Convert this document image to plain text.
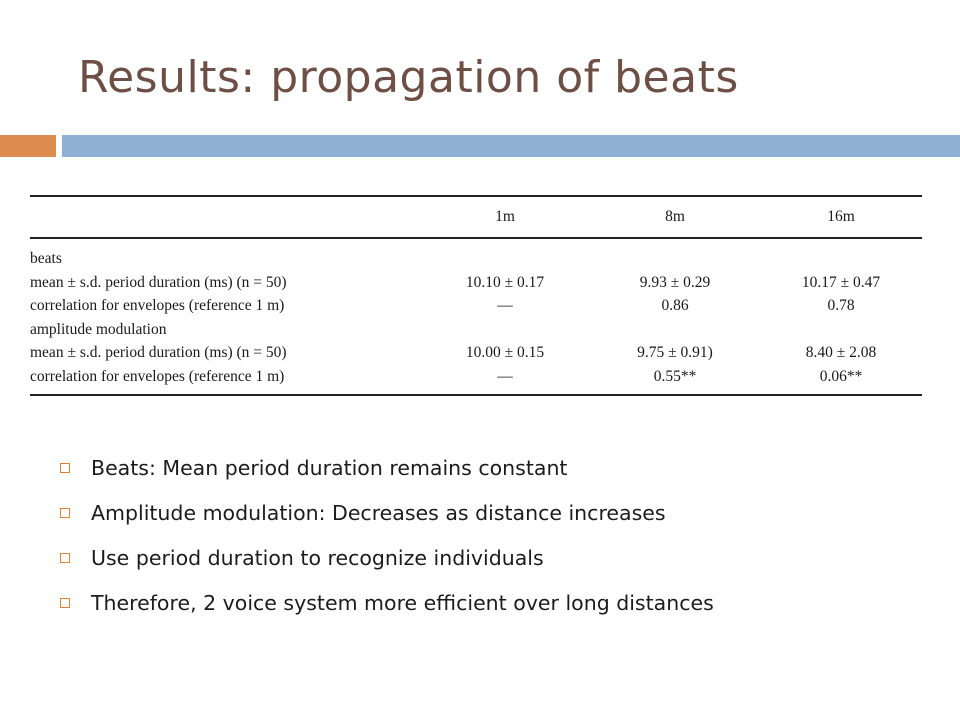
Results: propagation of beats
	1m	8m	16m
beats			
mean ± s.d. period duration (ms) (n = 50)	10.10 ± 0.17	9.93 ± 0.29	10.17 ± 0.47
correlation for envelopes (reference 1 m)	—	0.86	0.78
amplitude modulation			
mean ± s.d. period duration (ms) (n = 50)	10.00 ± 0.15	9.75 ± 0.91)	8.40 ± 2.08
correlation for envelopes (reference 1 m)	—	0.55**	0.06**
Beats: Mean period duration remains constant
Amplitude modulation: Decreases as distance increases
Use period duration to recognize individuals
Therefore, 2 voice system more efficient over long distances
